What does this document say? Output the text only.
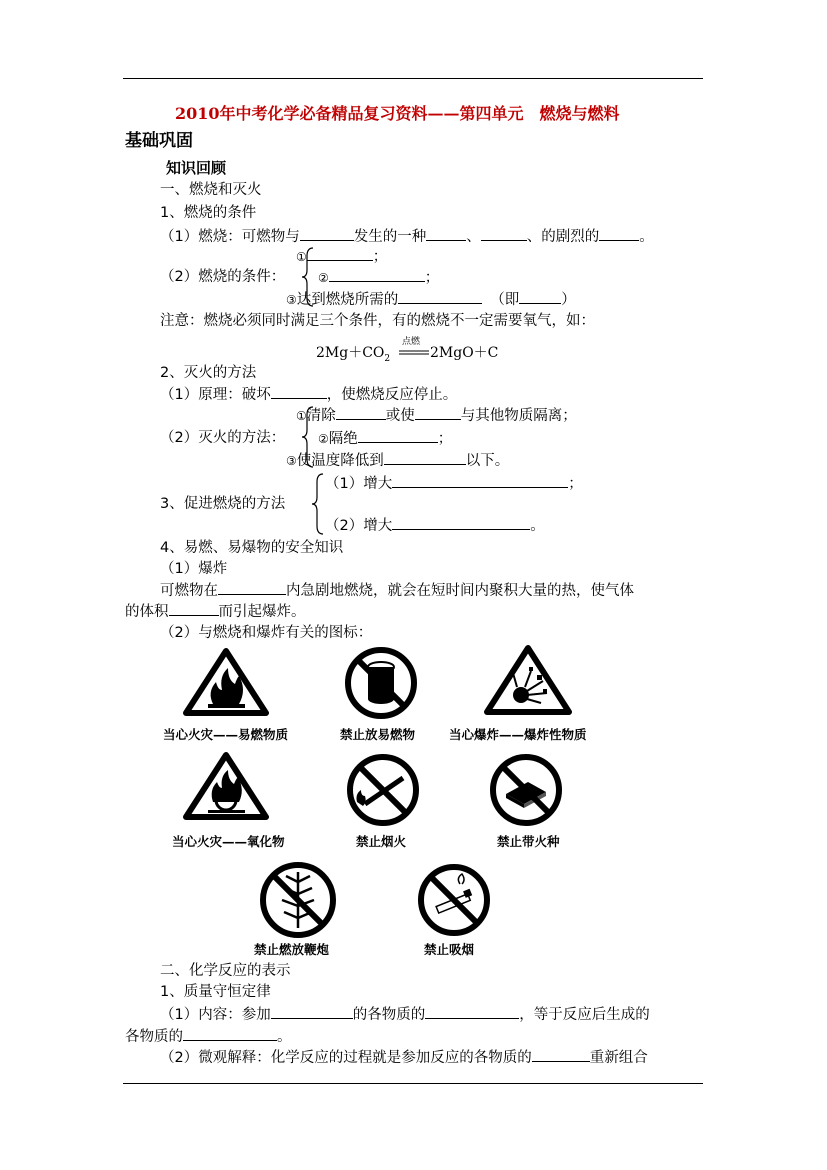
2010年中考化学必备精品复习资料——第四单元　燃烧与燃料
基础巩固
知识回顾
一、燃烧和灭火
1、燃烧的条件
（1）燃烧：可燃物与	发生的一种	、	、的剧烈的	。
（2）燃烧的条件：
①	；
②	；
③达到燃烧所需的	（即	）
注意：燃烧必须同时满足三个条件，有的燃烧不一定需要氧气，如：
$2Mg+CO_2$
点燃
2MgO＋C
2、灭火的方法
（1）原理：破坏	，使燃烧反应停止。
（2）灭火的方法：
①清除	或使	与其他物质隔离；
②隔绝	；
③使温度降低到	以下。
3、促进燃烧的方法
（1）增大	；
（2）增大	。
4、易燃、易爆物的安全知识
（1）爆炸
可燃物在	内急剧地燃烧，就会在短时间内聚积大量的热，使气体
的体积	而引起爆炸。
（2）与燃烧和爆炸有关的图标：
当心火灾——易燃物质	禁止放易燃物	当心爆炸——爆炸性物质
当心火灾——氧化物	禁止烟火	禁止带火种
禁止燃放鞭炮	禁止吸烟
二、化学反应的表示
1、质量守恒定律
（1）内容：参加	的各物质的	，等于反应后生成的
各物质的	。
（2）微观解释：化学反应的过程就是参加反应的各物质的	重新组合
